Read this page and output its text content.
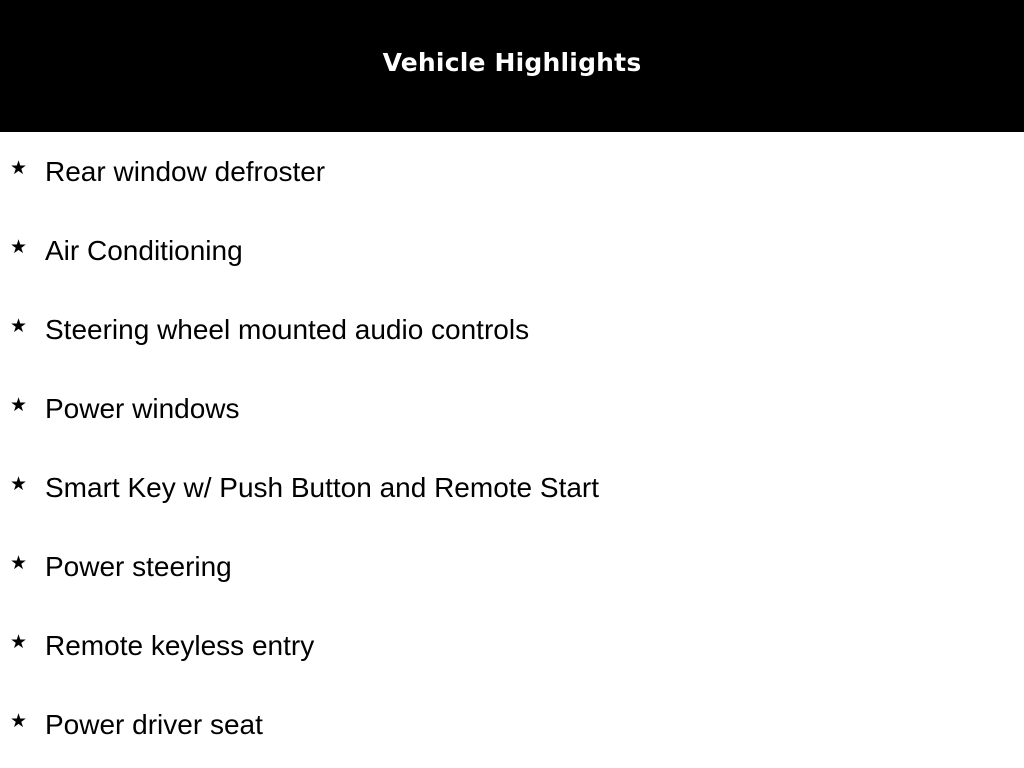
Vehicle Highlights
★ Rear window defroster
★ Air Conditioning
★ Steering wheel mounted audio controls
★ Power windows
★ Smart Key w/ Push Button and Remote Start
★ Power steering
★ Remote keyless entry
★ Power driver seat
